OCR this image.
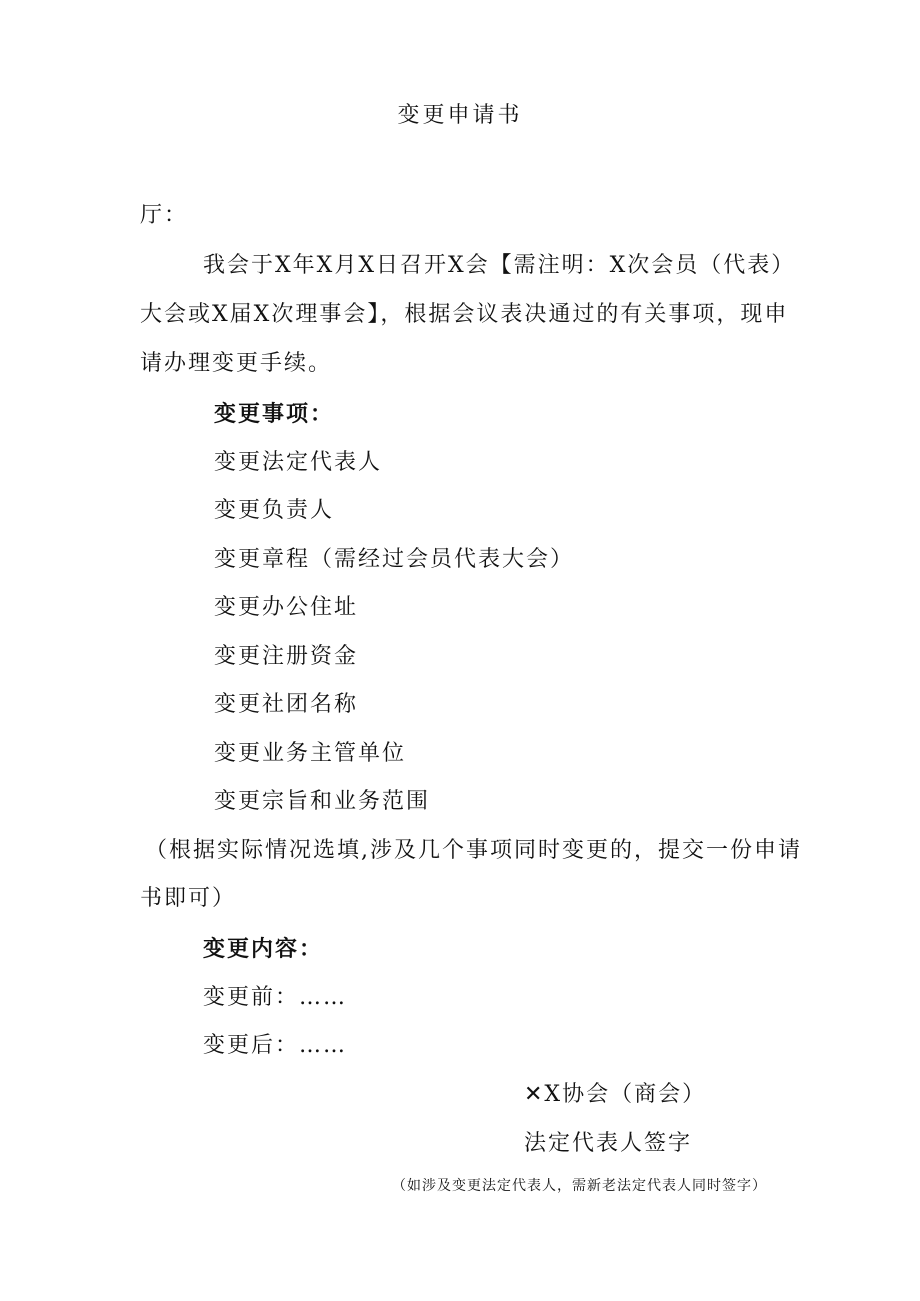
变更申请书
厅：
我会于X年X月X日召开X会【需注明：X次会员（代表）
大会或X届X次理事会】，根据会议表决通过的有关事项，现申
请办理变更手续。
变更事项：
变更法定代表人
变更负责人
变更章程（需经过会员代表大会）
变更办公住址
变更注册资金
变更社团名称
变更业务主管单位
变更宗旨和业务范围
（根据实际情况选填,涉及几个事项同时变更的，提交一份申请
书即可）
变更内容：
变更前：……
变更后：……
✕X协会（商会）
法定代表人签字
（如涉及变更法定代表人，需新老法定代表人同时签字）
